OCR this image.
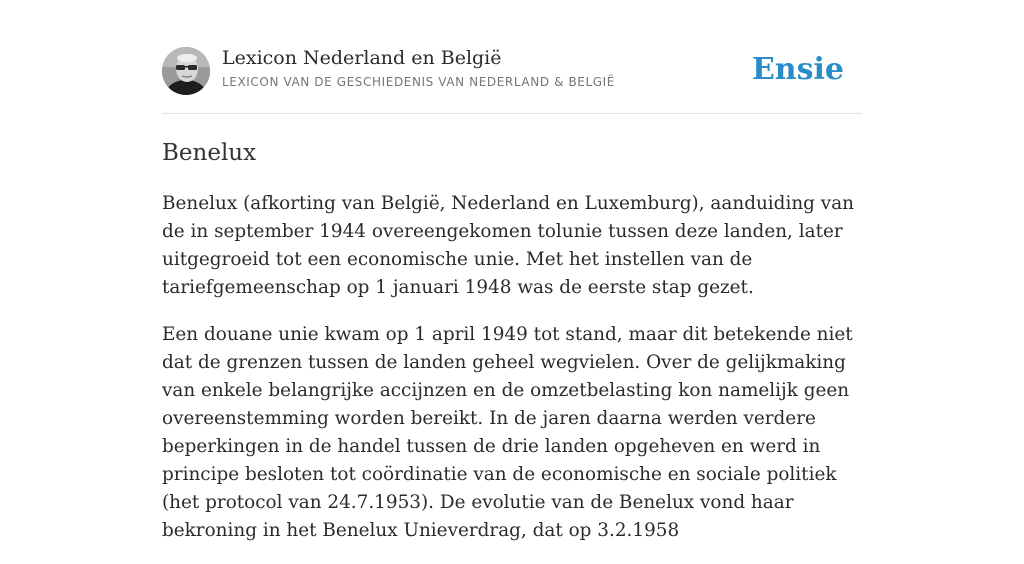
Lexicon Nederland en België
LEXICON VAN DE GESCHIEDENIS VAN NEDERLAND & BELGIË	Ensie
Benelux

Benelux (afkorting van België, Nederland en Luxemburg), aanduiding van de in september 1944 overeengekomen tolunie tussen deze landen, later uitgegroeid tot een economische unie. Met het instellen van de tariefgemeenschap op 1 januari 1948 was de eerste stap gezet.

Een douane unie kwam op 1 april 1949 tot stand, maar dit betekende niet dat de grenzen tussen de landen geheel wegvielen. Over de gelijkmaking van enkele belangrijke accijnzen en de omzetbelasting kon namelijk geen overeenstemming worden bereikt. In de jaren daarna werden verdere beperkingen in de handel tussen de drie landen opgeheven en werd in principe besloten tot coördinatie van de economische en sociale politiek (het protocol van 24.7.1953). De evolutie van de Benelux vond haar bekroning in het Benelux Unieverdrag, dat op 3.2.1958
